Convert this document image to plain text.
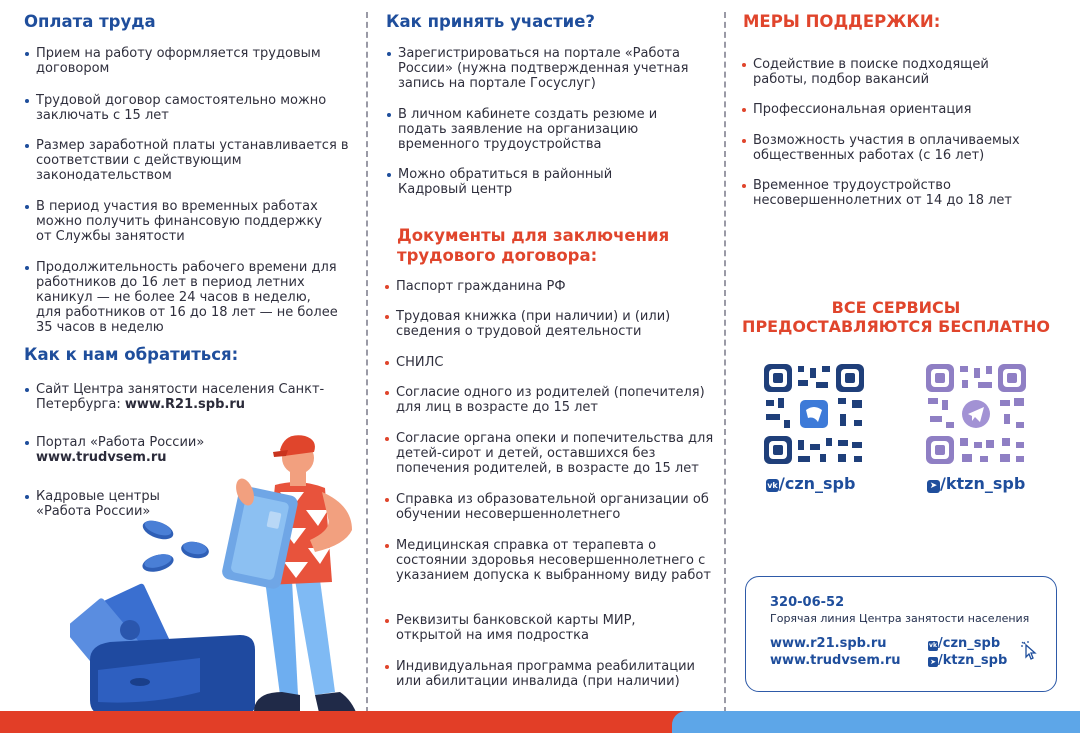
Оплата труда
Прием на работу оформляется трудовым договором
Трудовой договор самостоятельно можно заключать с 15 лет
Размер заработной платы устанавливается в соответствии с действующим законодательством
В период участия во временных работах можно получить финансовую поддержку от Службы занятости
Продолжительность рабочего времени для работников до 16 лет в период летних каникул — не более 24 часов в неделю, для работников от 16 до 18 лет — не более 35 часов в неделю
Как к нам обратиться:
Сайт Центра занятости населения Санкт-Петербурга: www.R21.spb.ru
Портал «Работа России» www.trudvsem.ru
Кадровые центры «Работа России»
Как принять участие?
Зарегистрироваться на портале «Работа России» (нужна подтвержденная учетная запись на портале Госуслуг)
В личном кабинете создать резюме и подать заявление на организацию временного трудоустройства
Можно обратиться в районный Кадровый центр
Документы для заключения трудового договора:
Паспорт гражданина РФ
Трудовая книжка (при наличии) и (или) сведения о трудовой деятельности
СНИЛС
Согласие одного из родителей (попечителя) для лиц в возрасте до 15 лет
Согласие органа опеки и попечительства для детей-сирот и детей, оставшихся без попечения родителей, в возрасте до 15 лет
Справка из образовательной организации об обучении несовершеннолетнего
Медицинская справка от терапевта о состоянии здоровья несовершеннолетнего с указанием допуска к выбранному виду работ
Реквизиты банковской карты МИР, открытой на имя подростка
Индивидуальная программа реабилитации или абилитации инвалида (при наличии)
МЕРЫ ПОДДЕРЖКИ:
Содействие в поиске подходящей работы, подбор вакансий
Профессиональная ориентация
Возможность участия в оплачиваемых общественных работах (с 16 лет)
Временное трудоустройство несовершеннолетних от 14 до 18 лет
ВСЕ СЕРВИСЫ
ПРЕДОСТАВЛЯЮТСЯ БЕСПЛАТНО
vk/czn_spb	➤ /ktzn_spb
320-06-52
Горячая линия Центра занятости населения
www.r21.spb.ru
www.trudvsem.ru
vk/czn_spb
➤ /ktzn_spb
